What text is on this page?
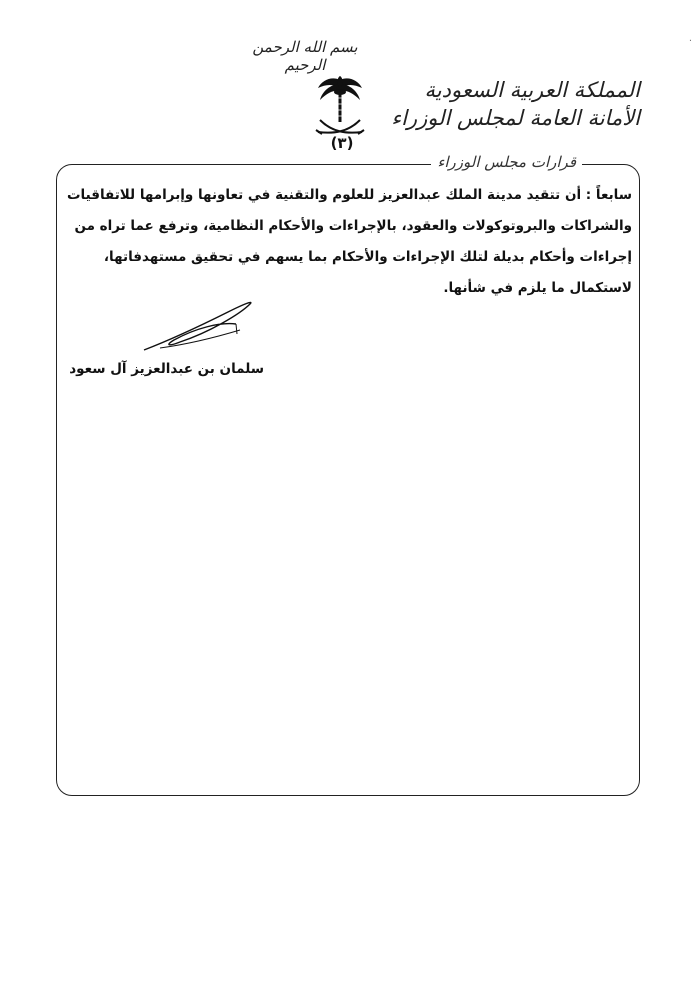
بسم الله الرحمن الرحيم
(٣)
المملكة العربية السعودية
الأمانة العامة لمجلس الوزراء
قرارات مجلس الوزراء

سابعاً : أن تتقيد مدينة الملك عبدالعزيز للعلوم والتقنية في تعاونها وإبرامها للاتفاقيات

والشراكات والبروتوكولات والعقود، بالإجراءات والأحكام النظامية، وترفع عما تراه من

إجراءات وأحكام بديلة لتلك الإجراءات والأحكام بما يسهم في تحقيق مستهدفاتها،

لاستكمال ما يلزم في شأنها.

سلمان بن عبدالعزيز آل سعود
·
